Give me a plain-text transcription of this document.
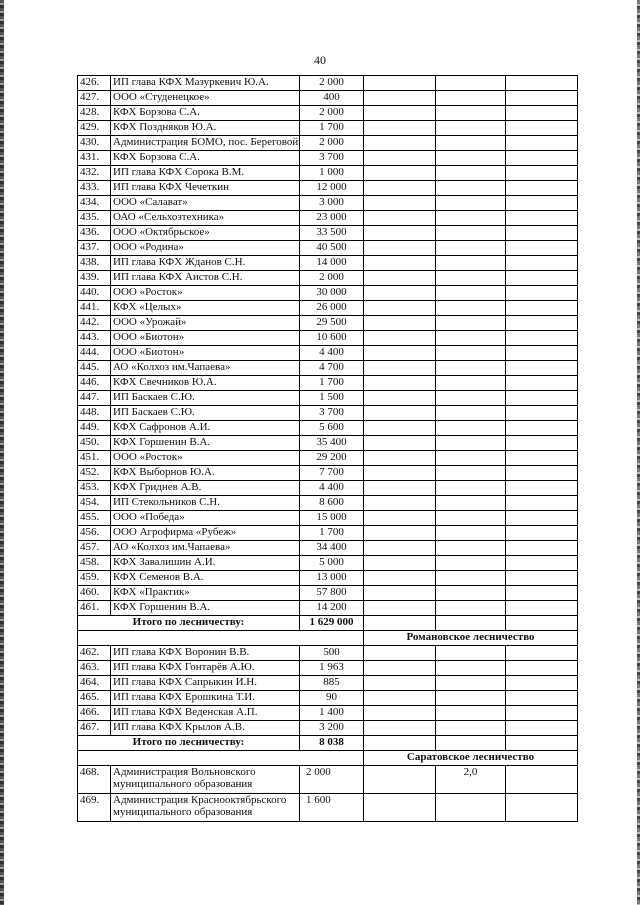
40
426.	ИП глава КФХ Мазуркевич Ю.А.	2 000			
427.	ООО «Студенецкое»	400			
428.	КФХ Борзова С.А.	2 000			
429.	КФХ Поздняков Ю.А.	1 700			
430.	Администрация БОМО, пос. Береговой	2 000			
431.	КФХ Борзова С.А.	3 700			
432.	ИП глава КФХ Сорока В.М.	1 000			
433.	ИП глава КФХ Чечеткин	12 000			
434.	ООО «Салават»	3 000			
435.	ОАО «Сельхозтехника»	23 000			
436.	ООО «Октябрьское»	33 500			
437.	ООО «Родина»	40 500			
438.	ИП глава КФХ Жданов С.Н.	14 000			
439.	ИП глава КФХ Аистов С.Н.	2 000			
440.	ООО «Росток»	30 000			
441.	КФХ «Целых»	26 000			
442.	ООО «Урожай»	29 500			
443.	ООО «Биотон»	10 600			
444.	ООО «Биотон»	4 400			
445.	АО «Колхоз им.Чапаева»	4 700			
446.	КФХ Свечников Ю.А.	1 700			
447.	ИП Баскаев С.Ю.	1 500			
448.	ИП Баскаев С.Ю.	3 700			
449.	КФХ Сафронов А.И.	5 600			
450.	КФХ Горшенин В.А.	35 400			
451.	ООО «Росток»	29 200			
452.	КФХ Выборнов Ю.А.	7 700			
453.	КФХ Гриднев А.В.	4 400			
454.	ИП Стекольников С.Н.	8 600			
455.	ООО «Победа»	15 000			
456.	ООО Агрофирма «Рубеж»	1 700			
457.	АО «Колхоз им.Чапаева»	34 400			
458.	КФХ Завалишин А.И.	5 000			
459.	КФХ Семенов В.А.	13 000			
460.	КФХ «Практик»	57 800			
461.	КФХ Горшенин В.А.	14 200			
Итого по лесничеству:		1 629 000			
			Романовское лесничество		
462.	ИП глава КФХ Воронин В.В.	500			
463.	ИП глава КФХ Гонтарёв А.Ю.	1 963			
464.	ИП глава КФХ Сапрыкин И.Н.	885			
465.	ИП глава КФХ Ерошкина Т.И.	90			
466.	ИП глава КФХ Веденская А.П.	1 400			
467.	ИП глава КФХ Крылов А.В.	3 200			
Итого по лесничеству:		8 038			
			Саратовское лесничество		
468.	Администрация Вольновского муниципального образования	2 000		2,0	
469.	Администрация Краснооктябрьского муниципального образования	1 600			
